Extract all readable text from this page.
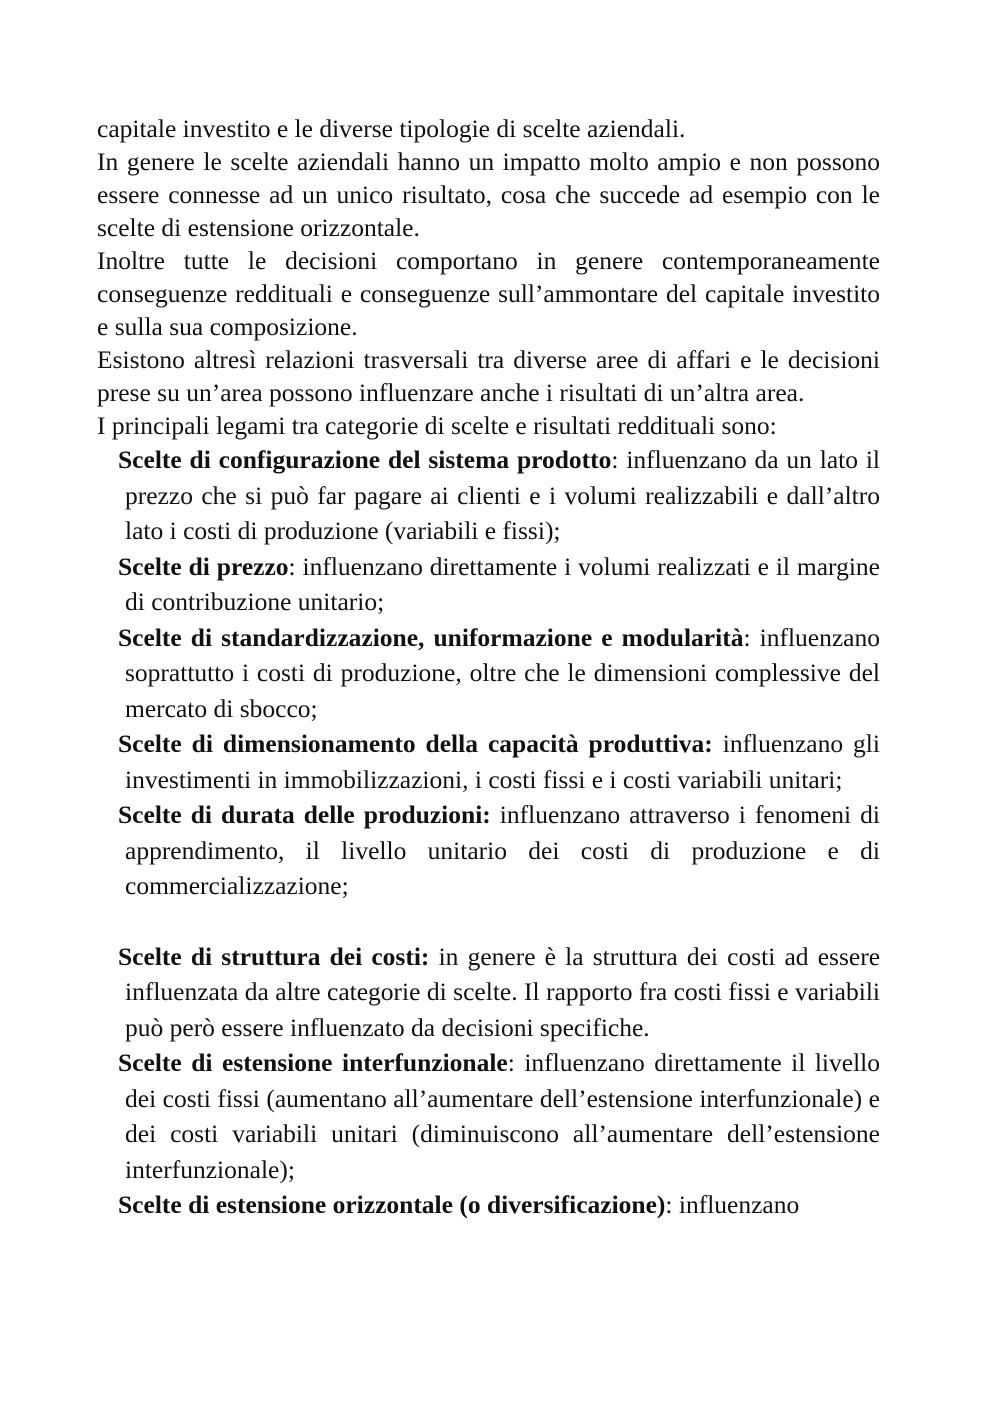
capitale investito e le diverse tipologie di scelte aziendali.

In genere le scelte aziendali hanno un impatto molto ampio e non possono essere connesse ad un unico risultato, cosa che succede ad esempio con le scelte di estensione orizzontale.

Inoltre tutte le decisioni comportano in genere contemporaneamente conseguenze reddituali e conseguenze sull’ammontare del capitale investito e sulla sua composizione.

Esistono altresì relazioni trasversali tra diverse aree di affari e le decisioni prese su un’area possono influenzare anche i risultati di un’altra area.

I principali legami tra categorie di scelte e risultati reddituali sono:

Scelte di configurazione del sistema prodotto: influenzano da un lato il prezzo che si può far pagare ai clienti e i volumi realizzabili e dall’altro lato i costi di produzione (variabili e fissi);
Scelte di prezzo: influenzano direttamente i volumi realizzati e il margine di contribuzione unitario;
Scelte di standardizzazione, uniformazione e modularità: influenzano soprattutto i costi di produzione, oltre che le dimensioni complessive del mercato di sbocco;
Scelte di dimensionamento della capacità produttiva: influenzano gli investimenti in immobilizzazioni, i costi fissi e i costi variabili unitari;
Scelte di durata delle produzioni: influenzano attraverso i fenomeni di apprendimento, il livello unitario dei costi di produzione e di commercializzazione;
Scelte di struttura dei costi: in genere è la struttura dei costi ad essere influenzata da altre categorie di scelte. Il rapporto fra costi fissi e variabili può però essere influenzato da decisioni specifiche.
Scelte di estensione interfunzionale: influenzano direttamente il livello dei costi fissi (aumentano all’aumentare dell’estensione interfunzionale) e dei costi variabili unitari (diminuiscono all’aumentare dell’estensione interfunzionale);
Scelte di estensione orizzontale (o diversificazione): influenzano
